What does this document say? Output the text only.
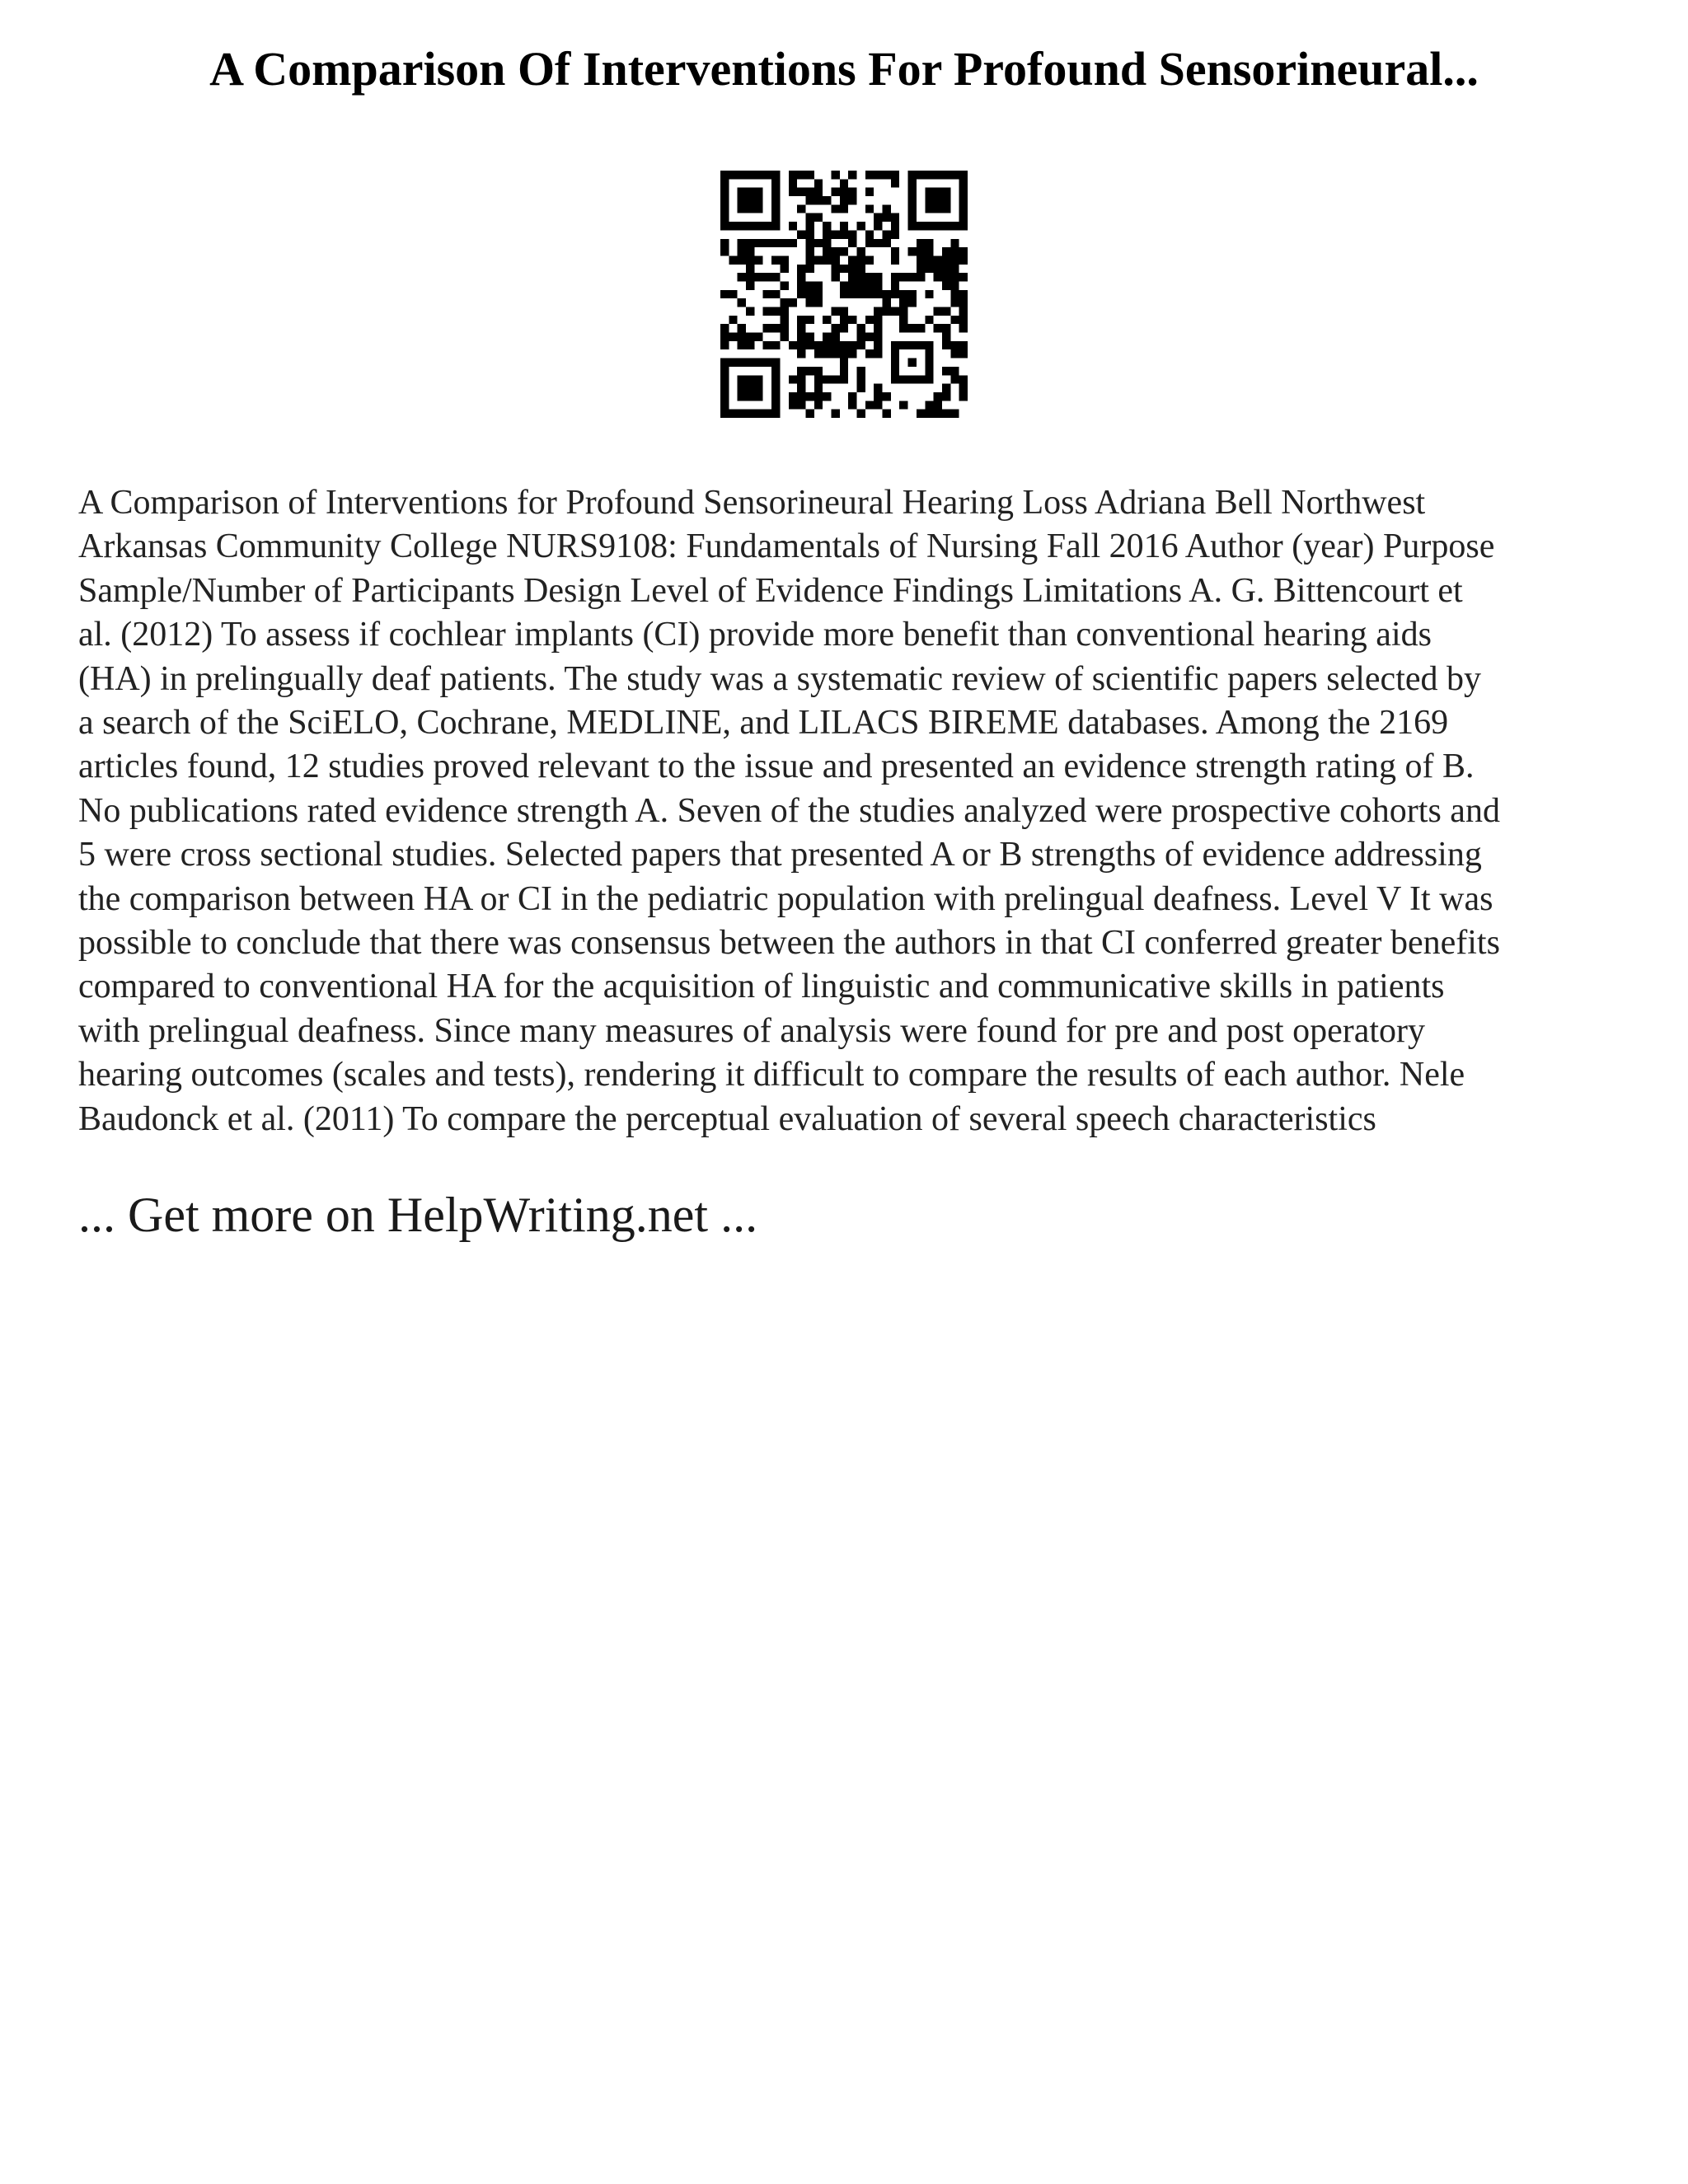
A Comparison Of Interventions For Profound Sensorineural...
A Comparison of Interventions for Profound Sensorineural Hearing Loss Adriana Bell Northwest
Arkansas Community College NURS9108: Fundamentals of Nursing Fall 2016 Author (year) Purpose
Sample/Number of Participants Design Level of Evidence Findings Limitations A. G. Bittencourt et
al. (2012) To assess if cochlear implants (CI) provide more benefit than conventional hearing aids
(HA) in prelingually deaf patients. The study was a systematic review of scientific papers selected by
a search of the SciELO, Cochrane, MEDLINE, and LILACS BIREME databases. Among the 2169
articles found, 12 studies proved relevant to the issue and presented an evidence strength rating of B.
No publications rated evidence strength A. Seven of the studies analyzed were prospective cohorts and
5 were cross sectional studies. Selected papers that presented A or B strengths of evidence addressing
the comparison between HA or CI in the pediatric population with prelingual deafness. Level V It was
possible to conclude that there was consensus between the authors in that CI conferred greater benefits
compared to conventional HA for the acquisition of linguistic and communicative skills in patients
with prelingual deafness. Since many measures of analysis were found for pre and post operatory
hearing outcomes (scales and tests), rendering it difficult to compare the results of each author. Nele
Baudonck et al. (2011) To compare the perceptual evaluation of several speech characteristics

... Get more on HelpWriting.net ...
